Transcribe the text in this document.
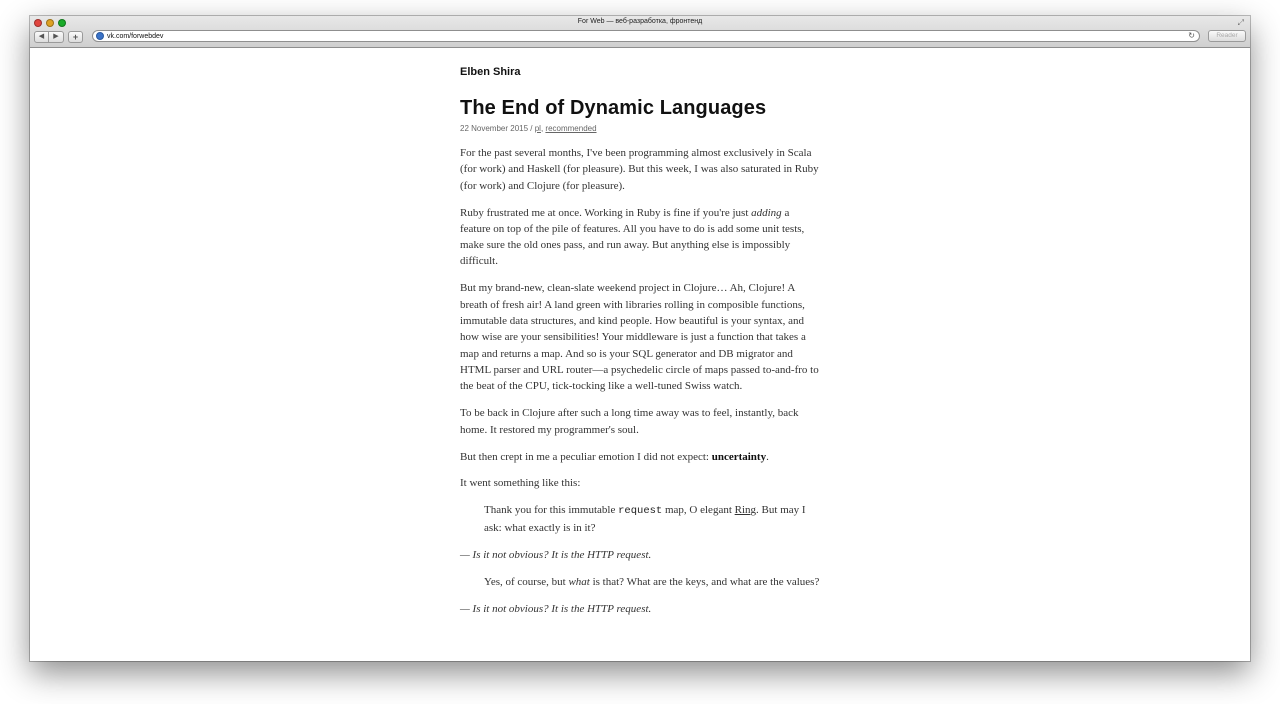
For Web — веб-разработка, фронтенд	⤢
◀	▶	+	vk.com/forwebdev	↻	Reader
Elben Shira
The End of Dynamic Languages
22 November 2015 / pl, recommended

For the past several months, I've been programming almost exclusively in Scala (for work) and Haskell (for pleasure). But this week, I was also saturated in Ruby (for work) and Clojure (for pleasure).

Ruby frustrated me at once. Working in Ruby is fine if you're just adding a feature on top of the pile of features. All you have to do is add some unit tests, make sure the old ones pass, and run away. But anything else is impossibly difficult.

But my brand-new, clean-slate weekend project in Clojure… Ah, Clojure! A breath of fresh air! A land green with libraries rolling in composible functions, immutable data structures, and kind people. How beautiful is your syntax, and how wise are your sensibilities! Your middleware is just a function that takes a map and returns a map. And so is your SQL generator and DB migrator and HTML parser and URL router—a psychedelic circle of maps passed to-and-fro to the beat of the CPU, tick-tocking like a well-tuned Swiss watch.

To be back in Clojure after such a long time away was to feel, instantly, back home. It restored my programmer's soul.

But then crept in me a peculiar emotion I did not expect: uncertainty.

It went something like this:

Thank you for this immutable request map, O elegant Ring. But may I ask: what exactly is in it?

— Is it not obvious? It is the HTTP request.

Yes, of course, but what is that? What are the keys, and what are the values?

— Is it not obvious? It is the HTTP request.
